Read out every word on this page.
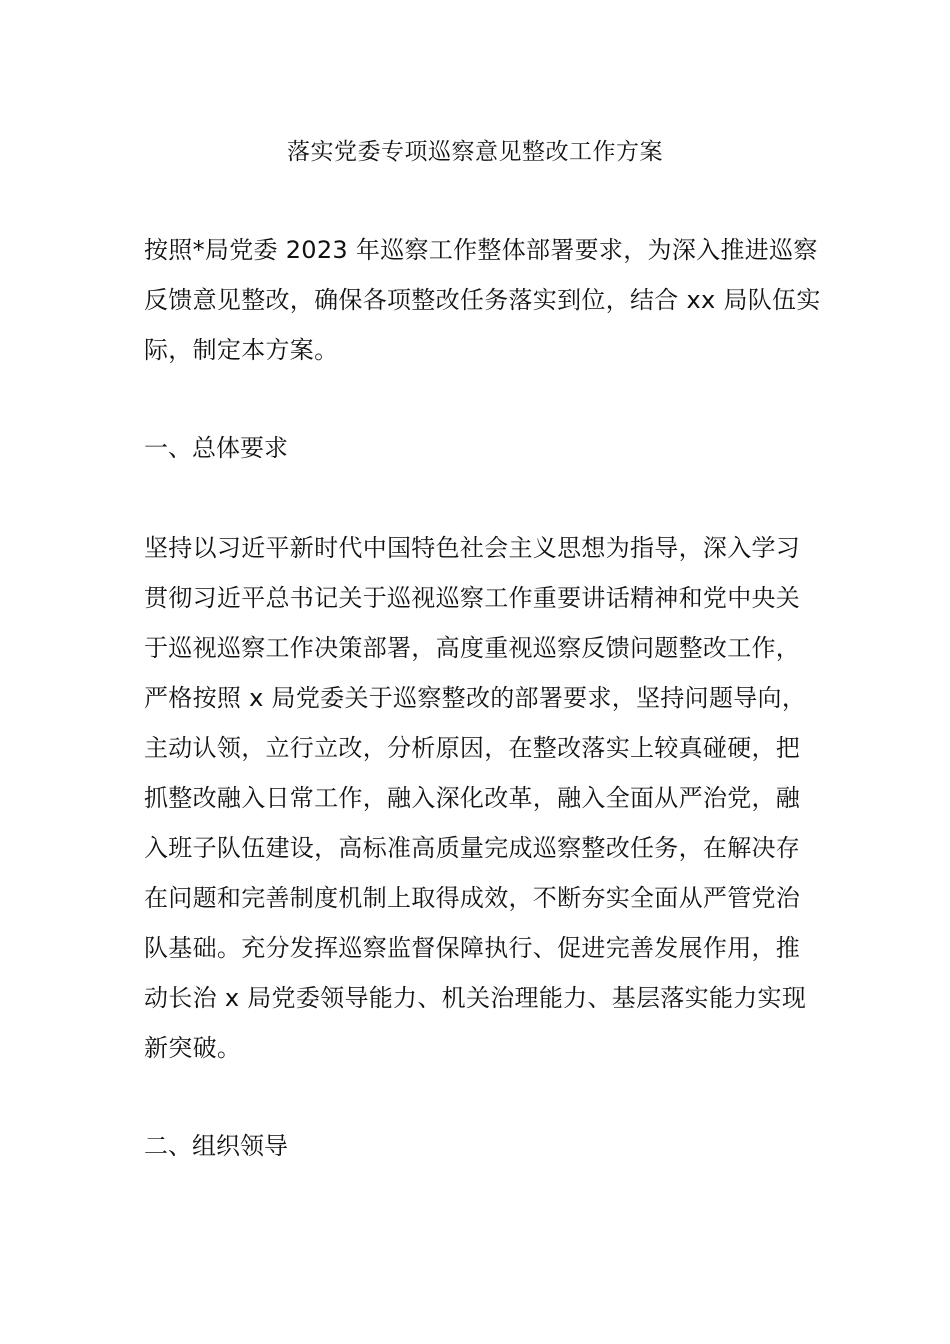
落实党委专项巡察意见整改工作方案
按照*局党委 2023 年巡察工作整体部署要求，为深入推进巡察
反馈意见整改，确保各项整改任务落实到位，结合 xx 局队伍实
际，制定本方案。
一、总体要求
坚持以习近平新时代中国特色社会主义思想为指导，深入学习
贯彻习近平总书记关于巡视巡察工作重要讲话精神和党中央关
于巡视巡察工作决策部署，高度重视巡察反馈问题整改工作，
严格按照 x 局党委关于巡察整改的部署要求，坚持问题导向，
主动认领，立行立改，分析原因，在整改落实上较真碰硬，把
抓整改融入日常工作，融入深化改革，融入全面从严治党，融
入班子队伍建设，高标准高质量完成巡察整改任务，在解决存
在问题和完善制度机制上取得成效，不断夯实全面从严管党治
队基础。充分发挥巡察监督保障执行、促进完善发展作用，推
动长治 x 局党委领导能力、机关治理能力、基层落实能力实现
新突破。
二、组织领导
